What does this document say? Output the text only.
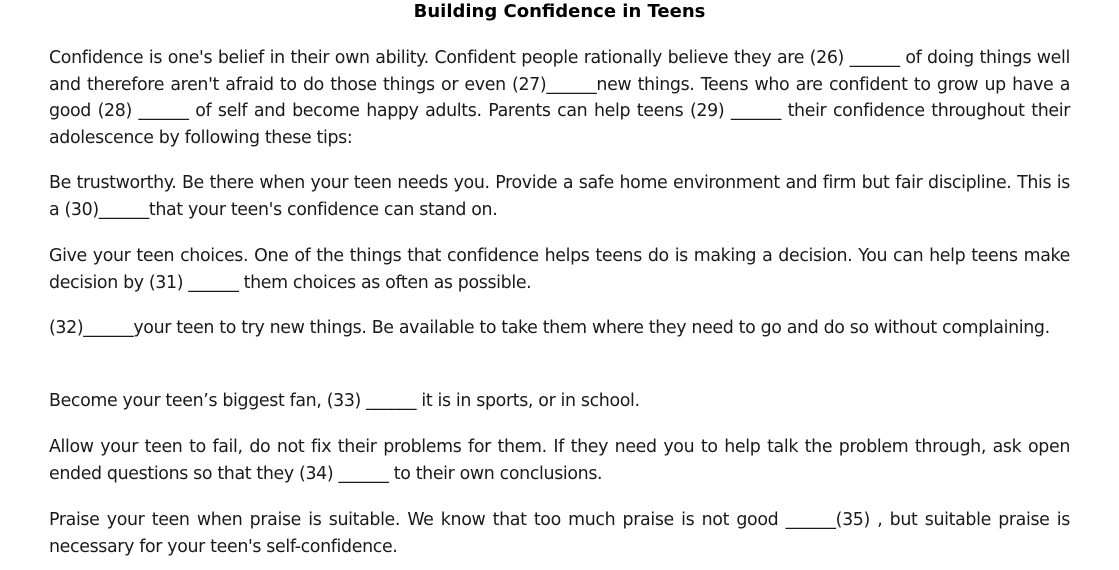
Building Confidence in Teens

Confidence is one's belief in their own ability. Confident people rationally believe they are (26) ______ of doing things well and therefore aren't afraid to do those things or even (27)______new things. Teens who are confident to grow up have a good (28) ______ of self and become happy adults. Parents can help teens (29) ______ their confidence throughout their adolescence by following these tips:

Be trustworthy. Be there when your teen needs you. Provide a safe home environment and firm but fair discipline. This is a (30)______that your teen's confidence can stand on.

Give your teen choices. One of the things that confidence helps teens do is making a decision. You can help teens make decision by (31) ______ them choices as often as possible.

(32)______your teen to try new things. Be available to take them where they need to go and do so without complaining.

Become your teen’s biggest fan, (33) ______ it is in sports, or in school.

Allow your teen to fail, do not fix their problems for them. If they need you to help talk the problem through, ask open ended questions so that they (34) ______ to their own conclusions.

Praise your teen when praise is suitable. We know that too much praise is not good ______(35) , but suitable praise is necessary for your teen's self-confidence.
